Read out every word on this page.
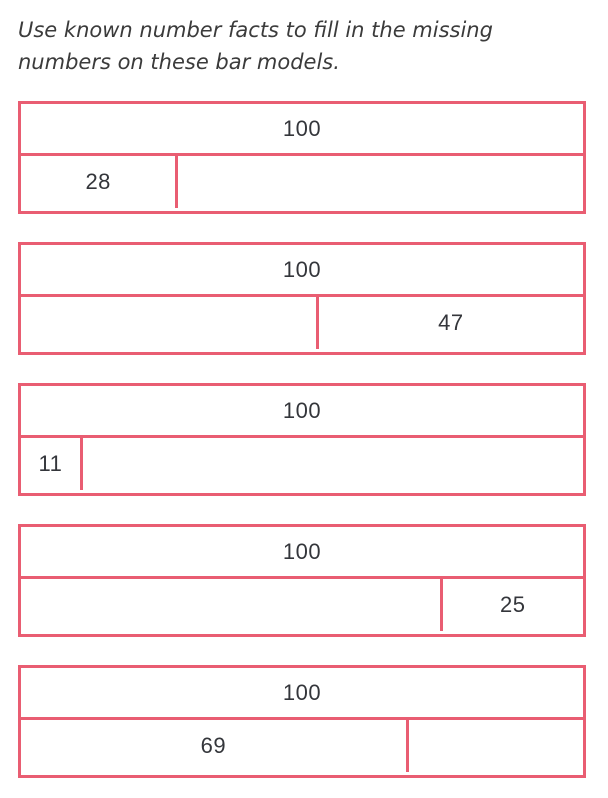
Use known number facts to fill in the missing
numbers on these bar models.
100
28
100
47
100
11
100
25
100
69
